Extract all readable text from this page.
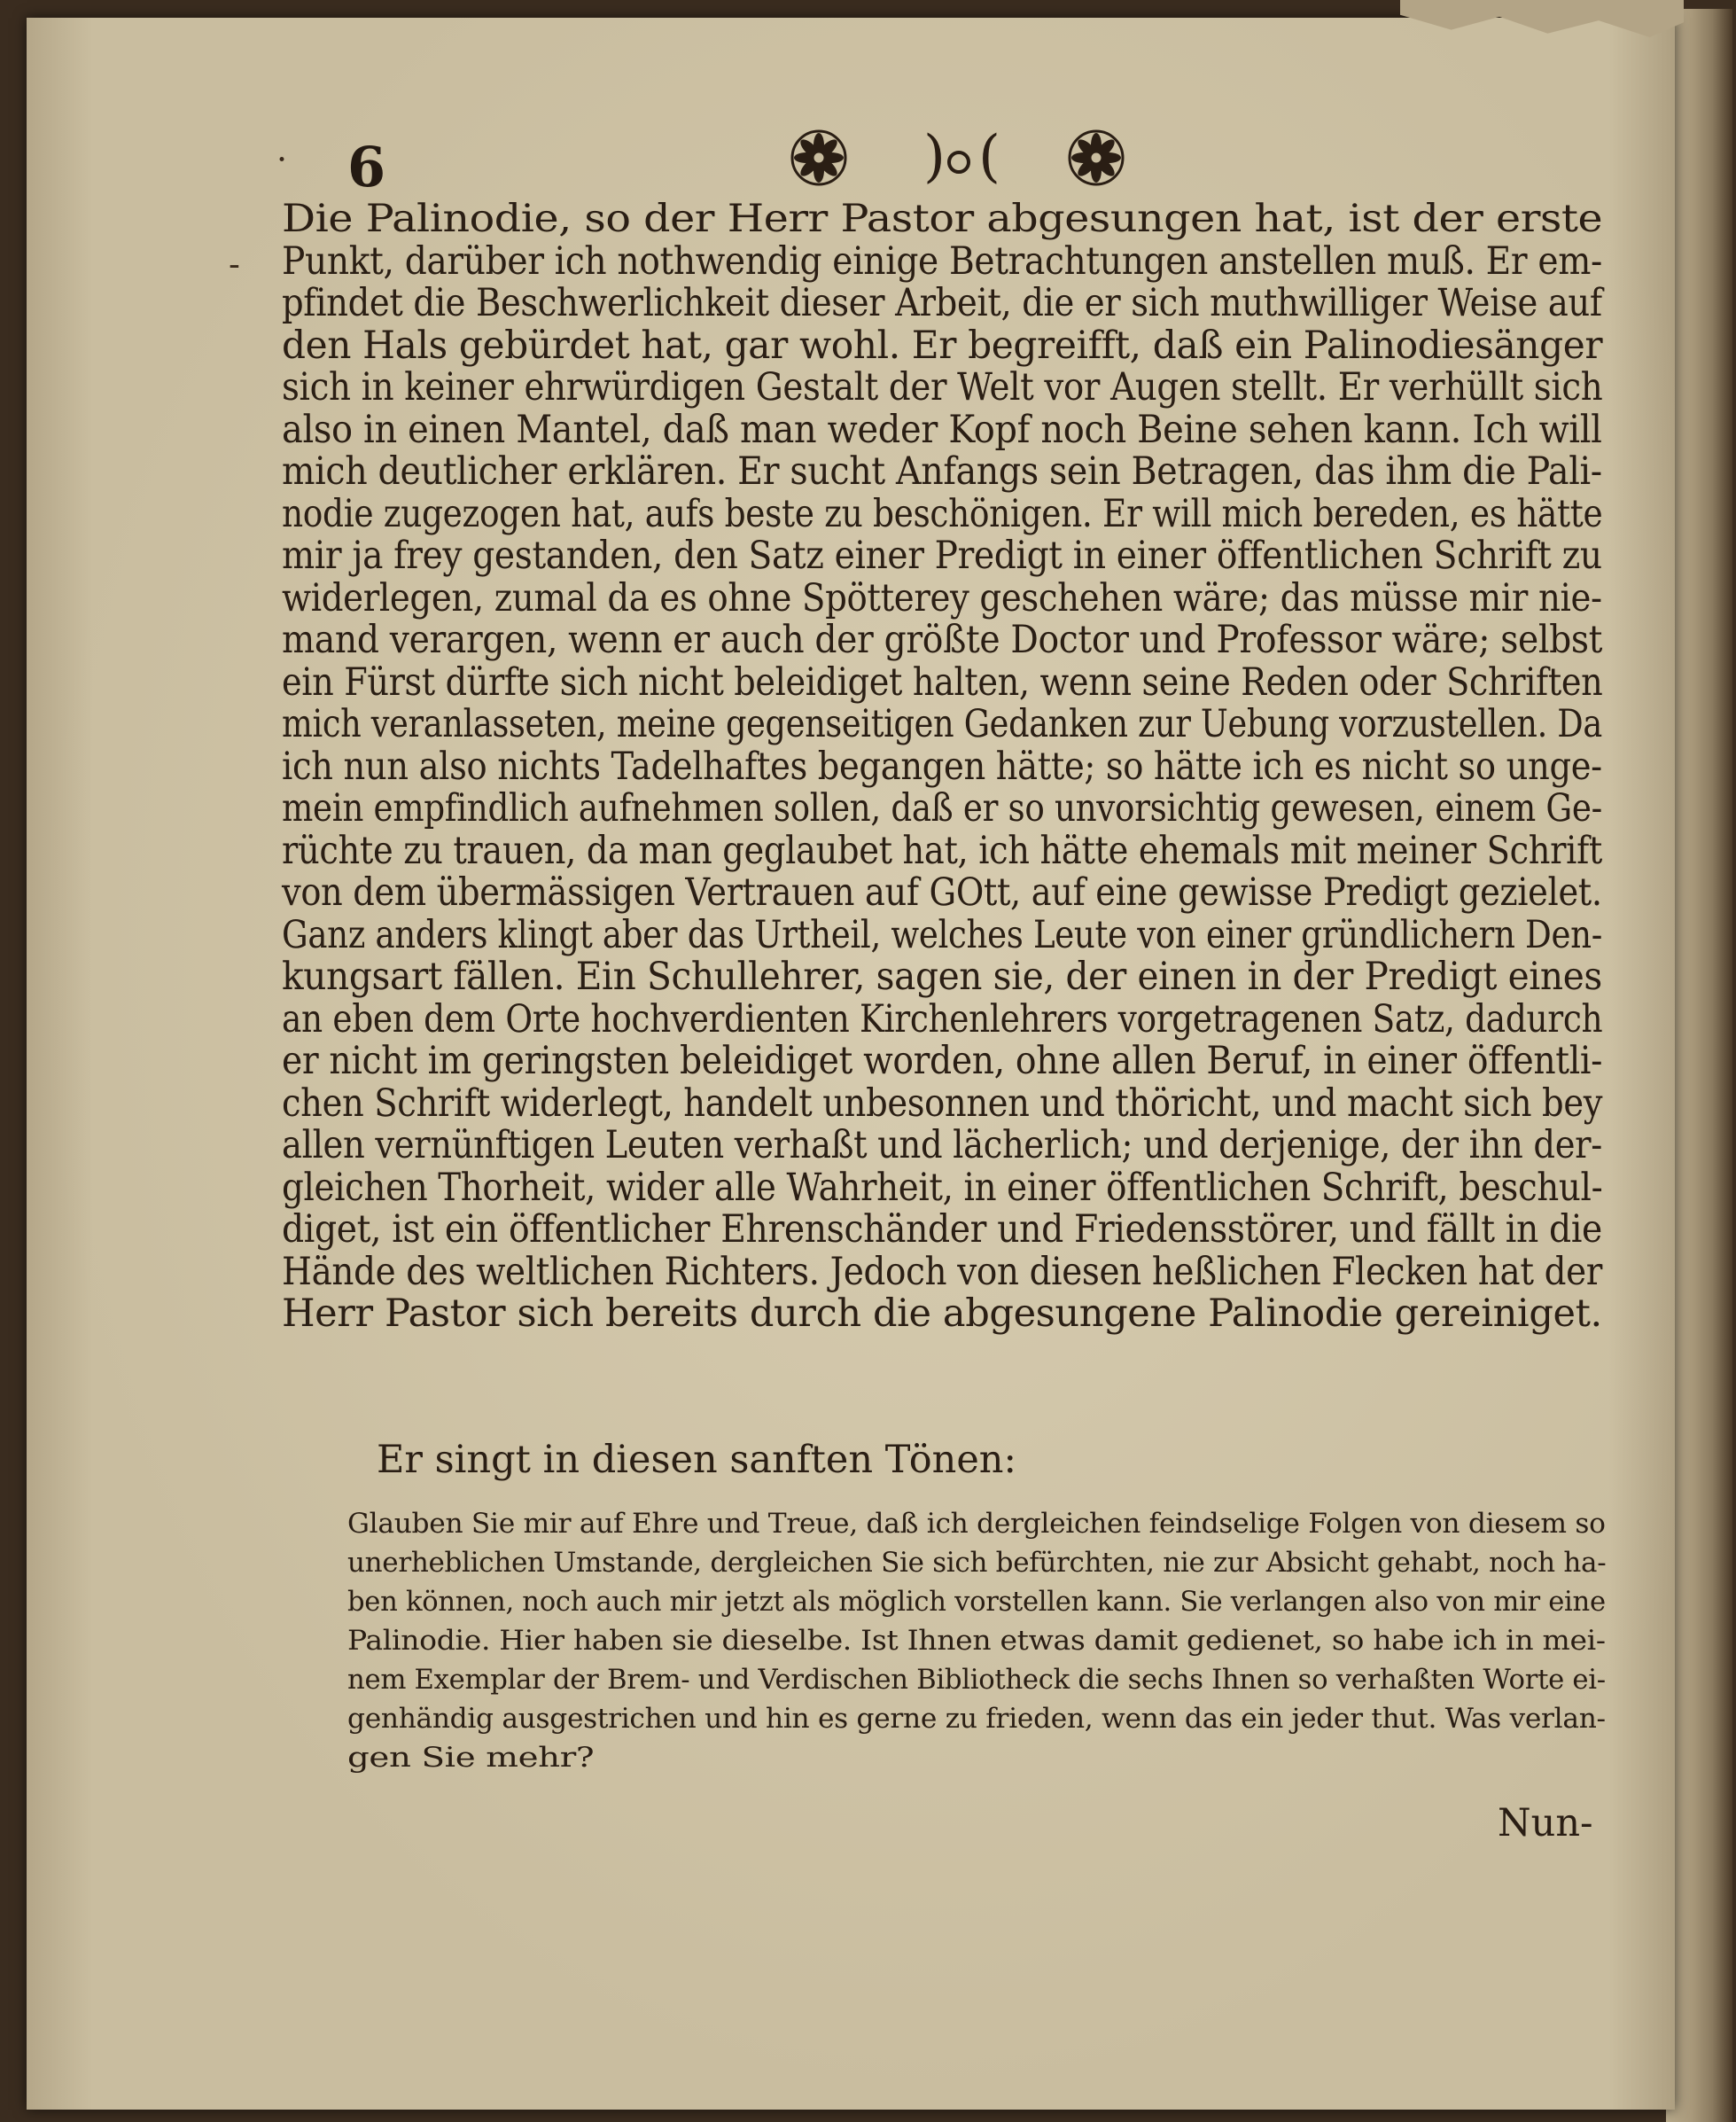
6	) (
·
-
Die Palinodie, so der Herr Pastor abgesungen hat, ist der erste
Punkt, darüber ich nothwendig einige Betrachtungen anstellen muß. Er em-
pfindet die Beschwerlichkeit dieser Arbeit, die er sich muthwilliger Weise auf
den Hals gebürdet hat, gar wohl. Er begreifft, daß ein Palinodiesänger
sich in keiner ehrwürdigen Gestalt der Welt vor Augen stellt. Er verhüllt sich
also in einen Mantel, daß man weder Kopf noch Beine sehen kann. Ich will
mich deutlicher erklären. Er sucht Anfangs sein Betragen, das ihm die Pali-
nodie zugezogen hat, aufs beste zu beschönigen. Er will mich bereden, es hätte
mir ja frey gestanden, den Satz einer Predigt in einer öffentlichen Schrift zu
widerlegen, zumal da es ohne Spötterey geschehen wäre; das müsse mir nie-
mand verargen, wenn er auch der größte Doctor und Professor wäre; selbst
ein Fürst dürfte sich nicht beleidiget halten, wenn seine Reden oder Schriften
mich veranlasseten, meine gegenseitigen Gedanken zur Uebung vorzustellen. Da
ich nun also nichts Tadelhaftes begangen hätte; so hätte ich es nicht so unge-
mein empfindlich aufnehmen sollen, daß er so unvorsichtig gewesen, einem Ge-
rüchte zu trauen, da man geglaubet hat, ich hätte ehemals mit meiner Schrift
von dem übermässigen Vertrauen auf GOtt, auf eine gewisse Predigt gezielet.
Ganz anders klingt aber das Urtheil, welches Leute von einer gründlichern Den-
kungsart fällen. Ein Schullehrer, sagen sie, der einen in der Predigt eines
an eben dem Orte hochverdienten Kirchenlehrers vorgetragenen Satz, dadurch
er nicht im geringsten beleidiget worden, ohne allen Beruf, in einer öffentli-
chen Schrift widerlegt, handelt unbesonnen und thöricht, und macht sich bey
allen vernünftigen Leuten verhaßt und lächerlich; und derjenige, der ihn der-
gleichen Thorheit, wider alle Wahrheit, in einer öffentlichen Schrift, beschul-
diget, ist ein öffentlicher Ehrenschänder und Friedensstörer, und fällt in die
Hände des weltlichen Richters. Jedoch von diesen heßlichen Flecken hat der
Herr Pastor sich bereits durch die abgesungene Palinodie gereiniget.
Er singt in diesen sanften Tönen:
Glauben Sie mir auf Ehre und Treue, daß ich dergleichen feindselige Folgen von diesem so
unerheblichen Umstande, dergleichen Sie sich befürchten, nie zur Absicht gehabt, noch ha-
ben können, noch auch mir jetzt als möglich vorstellen kann. Sie verlangen also von mir eine
Palinodie. Hier haben sie dieselbe. Ist Ihnen etwas damit gedienet, so habe ich in mei-
nem Exemplar der Brem- und Verdischen Bibliotheck die sechs Ihnen so verhaßten Worte ei-
genhändig ausgestrichen und hin es gerne zu frieden, wenn das ein jeder thut. Was verlan-
gen Sie mehr?
Nun-
